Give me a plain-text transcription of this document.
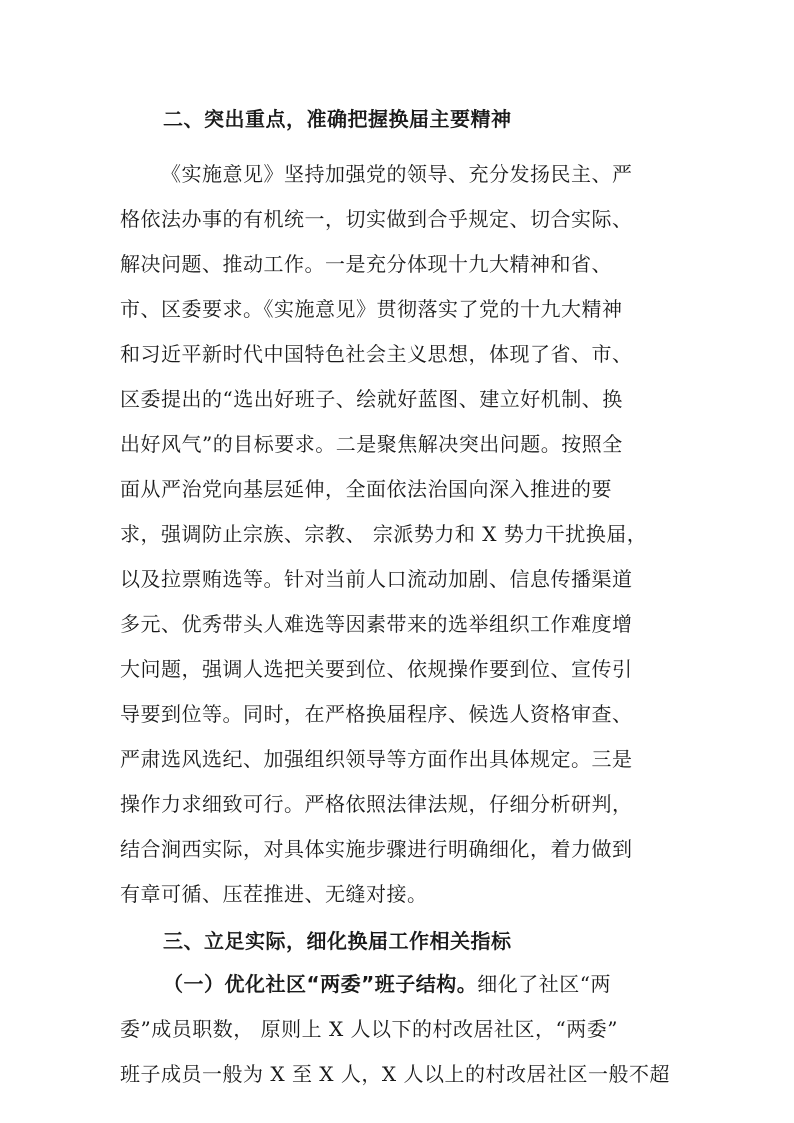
二、突出重点，准确把握换届主要精神
《实施意见》坚持加强党的领导、充分发扬民主、严
格依法办事的有机统一，切实做到合乎规定、切合实际、
解决问题、推动工作。一是充分体现十九大精神和省、
市、区委要求。《实施意见》贯彻落实了党的十九大精神
和习近平新时代中国特色社会主义思想，体现了省、市、
区委提出的“选出好班子、绘就好蓝图、建立好机制、换
出好风气”的目标要求。二是聚焦解决突出问题。按照全
面从严治党向基层延伸，全面依法治国向深入推进的要
求，强调防止宗族、宗教、 宗派势力和 X 势力干扰换届，
以及拉票贿选等。针对当前人口流动加剧、信息传播渠道
多元、优秀带头人难选等因素带来的选举组织工作难度增
大问题，强调人选把关要到位、依规操作要到位、宣传引
导要到位等。同时，在严格换届程序、候选人资格审查、
严肃选风选纪、加强组织领导等方面作出具体规定。三是
操作力求细致可行。严格依照法律法规，仔细分析研判，
结合涧西实际，对具体实施步骤进行明确细化，着力做到
有章可循、压茬推进、无缝对接。
三、立足实际，细化换届工作相关指标
（一）优化社区“两委”班子结构。细化了社区“两
委”成员职数， 原则上 X 人以下的村改居社区，“两委”
班子成员一般为 X 至 X 人，X 人以上的村改居社区一般不超
